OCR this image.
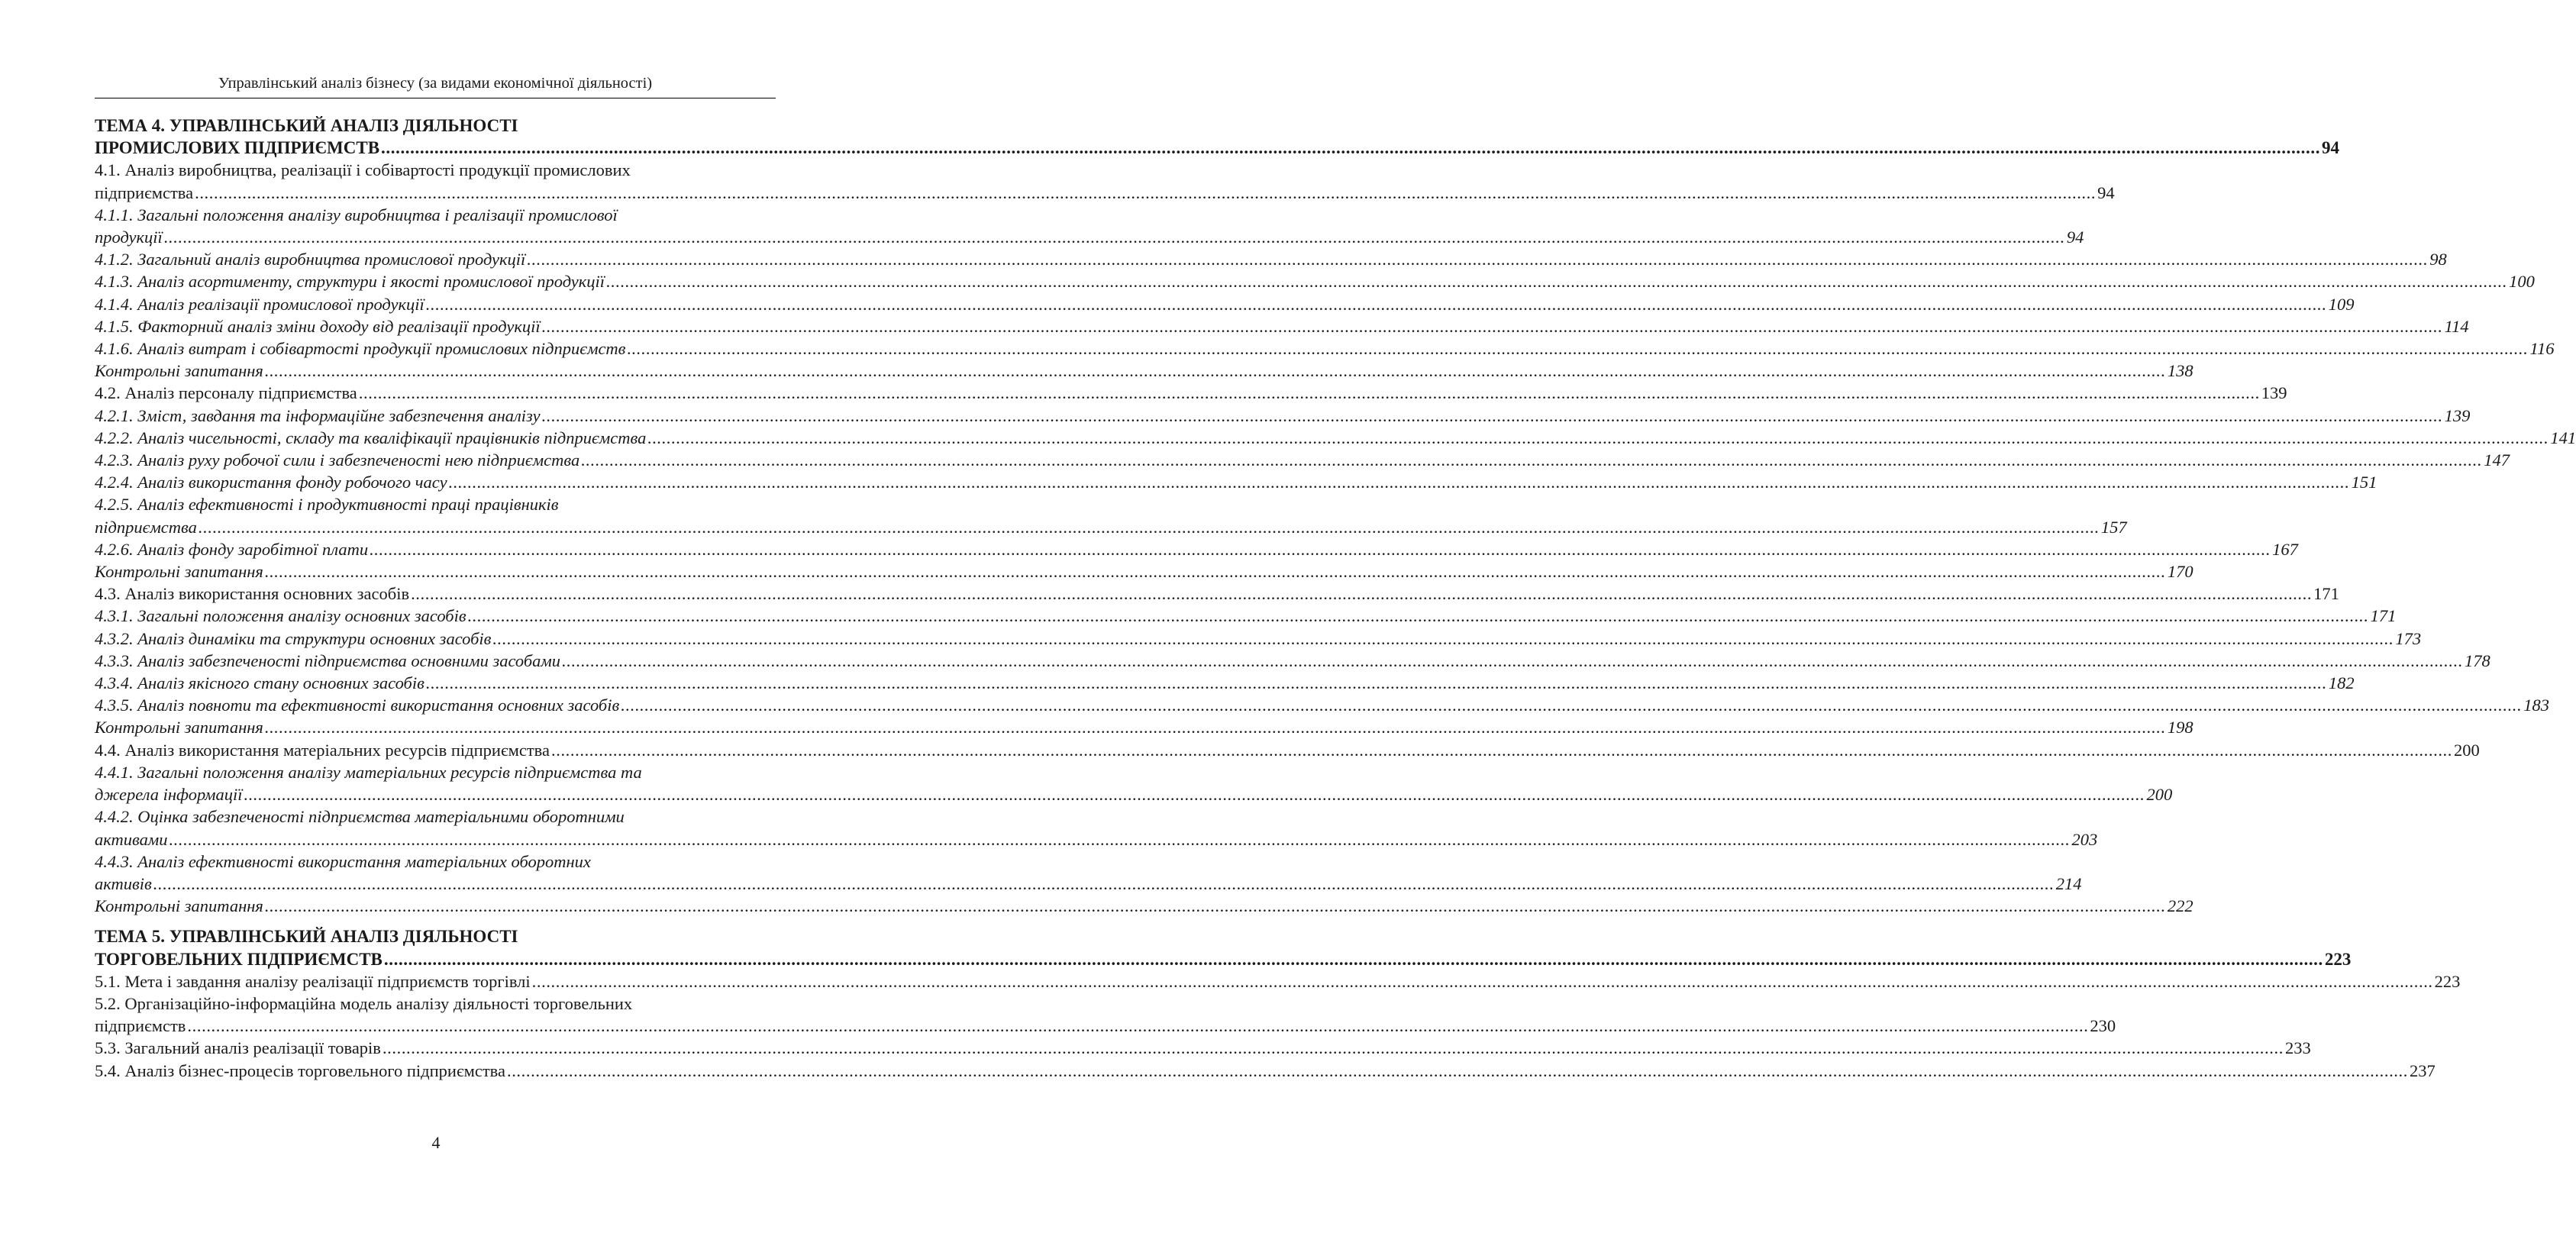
Управлінський аналіз бізнесу (за видами економічної діяльності)
ТЕМА 4. УПРАВЛІНСЬКИЙ АНАЛІЗ ДІЯЛЬНОСТІ
ПРОМИСЛОВИХ ПІДПРИЄМСТВ ................................................................................................................................................................................................................................................................................................................................................................................................................ 94
4.1. Аналіз виробництва, реалізації і собівартості продукції промислових
підприємства ................................................................................................................................................................................................................................................................................................................................................................................................................ 94
4.1.1. Загальні положення аналізу виробництва і реалізації промислової
продукції ................................................................................................................................................................................................................................................................................................................................................................................................................ 94
4.1.2. Загальний аналіз виробництва промислової продукції ................................................................................................................................................................................................................................................................................................................................................................................................................ 98
4.1.3. Аналіз асортименту, структури і якості промислової продукції ................................................................................................................................................................................................................................................................................................................................................................................................................ 100
4.1.4. Аналіз реалізації промислової продукції ................................................................................................................................................................................................................................................................................................................................................................................................................ 109
4.1.5. Факторний аналіз зміни доходу від реалізації продукції ................................................................................................................................................................................................................................................................................................................................................................................................................ 114
4.1.6. Аналіз витрат і собівартості продукції промислових підприємств ................................................................................................................................................................................................................................................................................................................................................................................................................ 116
Контрольні запитання ................................................................................................................................................................................................................................................................................................................................................................................................................ 138
4.2. Аналіз персоналу підприємства ................................................................................................................................................................................................................................................................................................................................................................................................................ 139
4.2.1. Зміст, завдання та інформаційне забезпечення аналізу ................................................................................................................................................................................................................................................................................................................................................................................................................ 139
4.2.2. Аналіз чисельності, складу та кваліфікації працівників підприємства ................................................................................................................................................................................................................................................................................................................................................................................................................ 141
4.2.3. Аналіз руху робочої сили і забезпеченості нею підприємства ................................................................................................................................................................................................................................................................................................................................................................................................................ 147
4.2.4. Аналіз використання фонду робочого часу ................................................................................................................................................................................................................................................................................................................................................................................................................ 151
4.2.5. Аналіз ефективності і продуктивності праці працівників
підприємства ................................................................................................................................................................................................................................................................................................................................................................................................................ 157
4.2.6. Аналіз фонду заробітної плати ................................................................................................................................................................................................................................................................................................................................................................................................................ 167
Контрольні запитання ................................................................................................................................................................................................................................................................................................................................................................................................................ 170
4.3. Аналіз використання основних засобів ................................................................................................................................................................................................................................................................................................................................................................................................................ 171
4.3.1. Загальні положення аналізу основних засобів ................................................................................................................................................................................................................................................................................................................................................................................................................ 171
4.3.2. Аналіз динаміки та структури основних засобів ................................................................................................................................................................................................................................................................................................................................................................................................................ 173
4.3.3. Аналіз забезпеченості підприємства основними засобами ................................................................................................................................................................................................................................................................................................................................................................................................................ 178
4.3.4. Аналіз якісного стану основних засобів ................................................................................................................................................................................................................................................................................................................................................................................................................ 182
4.3.5. Аналіз повноти та ефективності використання основних засобів ................................................................................................................................................................................................................................................................................................................................................................................................................ 183
Контрольні запитання ................................................................................................................................................................................................................................................................................................................................................................................................................ 198
4.4. Аналіз використання матеріальних ресурсів підприємства ................................................................................................................................................................................................................................................................................................................................................................................................................ 200
4.4.1. Загальні положення аналізу матеріальних ресурсів підприємства та
джерела інформації ................................................................................................................................................................................................................................................................................................................................................................................................................ 200
4.4.2. Оцінка забезпеченості підприємства матеріальними оборотними
активами ................................................................................................................................................................................................................................................................................................................................................................................................................ 203
4.4.3. Аналіз ефективності використання матеріальних оборотних
активів ................................................................................................................................................................................................................................................................................................................................................................................................................ 214
Контрольні запитання ................................................................................................................................................................................................................................................................................................................................................................................................................ 222
ТЕМА 5. УПРАВЛІНСЬКИЙ АНАЛІЗ ДІЯЛЬНОСТІ
ТОРГОВЕЛЬНИХ ПІДПРИЄМСТВ ................................................................................................................................................................................................................................................................................................................................................................................................................ 223
5.1. Мета і завдання аналізу реалізації підприємств торгівлі ................................................................................................................................................................................................................................................................................................................................................................................................................ 223
5.2. Організаційно-інформаційна модель аналізу діяльності торговельних
підприємств ................................................................................................................................................................................................................................................................................................................................................................................................................ 230
5.3. Загальний аналіз реалізації товарів ................................................................................................................................................................................................................................................................................................................................................................................................................ 233
5.4. Аналіз бізнес-процесів торговельного підприємства ................................................................................................................................................................................................................................................................................................................................................................................................................ 237
4
